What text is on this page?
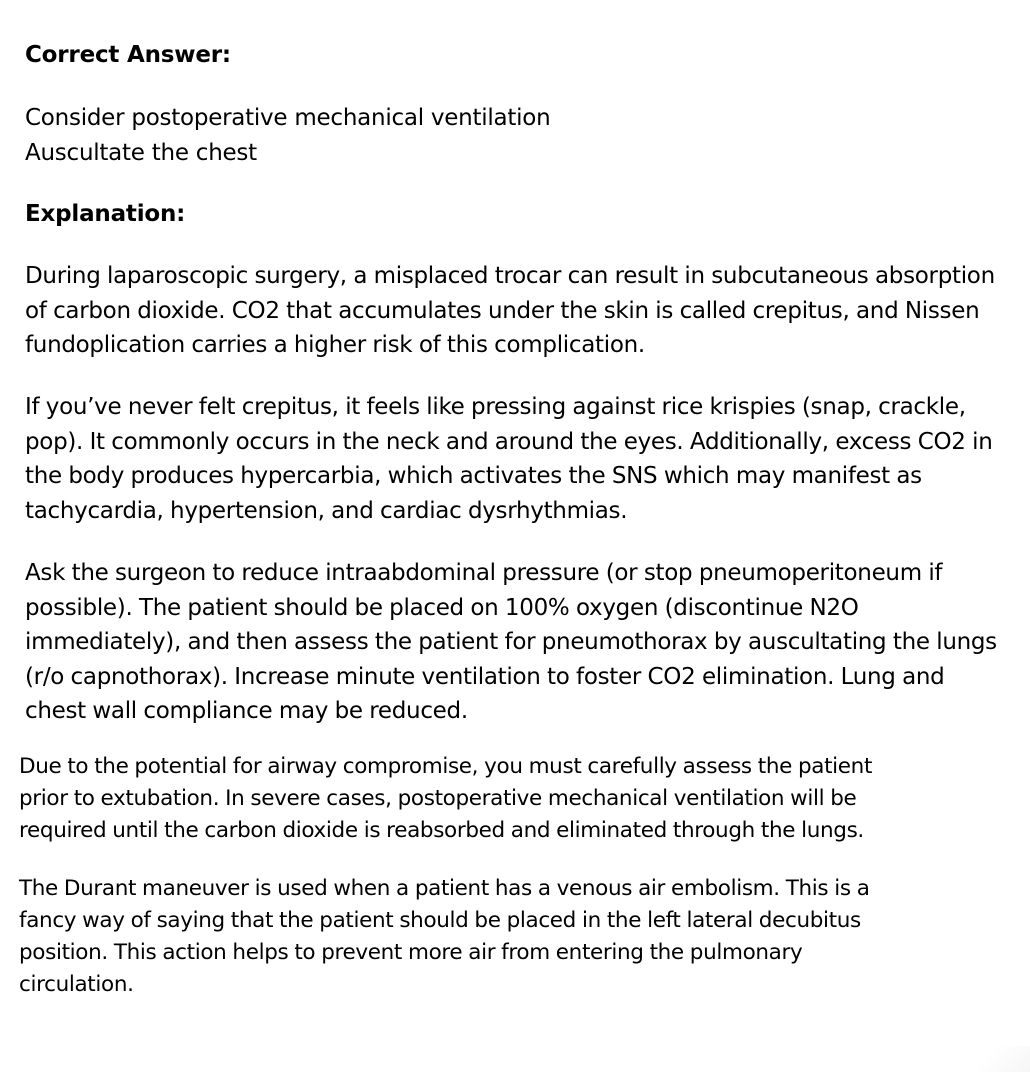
Correct Answer:

Consider postoperative mechanical ventilation

Auscultate the chest

Explanation:

During laparoscopic surgery, a misplaced trocar can result in subcutaneous absorption of carbon dioxide. CO2 that accumulates under the skin is called crepitus, and Nissen fundoplication carries a higher risk of this complication.

If you’ve never felt crepitus, it feels like pressing against rice krispies (snap, crackle, pop). It commonly occurs in the neck and around the eyes. Additionally, excess CO2 in the body produces hypercarbia, which activates the SNS which may manifest as tachycardia, hypertension, and cardiac dysrhythmias.

Ask the surgeon to reduce intraabdominal pressure (or stop pneumoperitoneum if possible). The patient should be placed on 100% oxygen (discontinue N2O immediately), and then assess the patient for pneumothorax by auscultating the lungs (r/o capnothorax). Increase minute ventilation to foster CO2 elimination. Lung and chest wall compliance may be reduced.

Due to the potential for airway compromise, you must carefully assess the patient prior to extubation. In severe cases, postoperative mechanical ventilation will be required until the carbon dioxide is reabsorbed and eliminated through the lungs.

The Durant maneuver is used when a patient has a venous air embolism. This is a fancy way of saying that the patient should be placed in the left lateral decubitus position. This action helps to prevent more air from entering the pulmonary circulation.
